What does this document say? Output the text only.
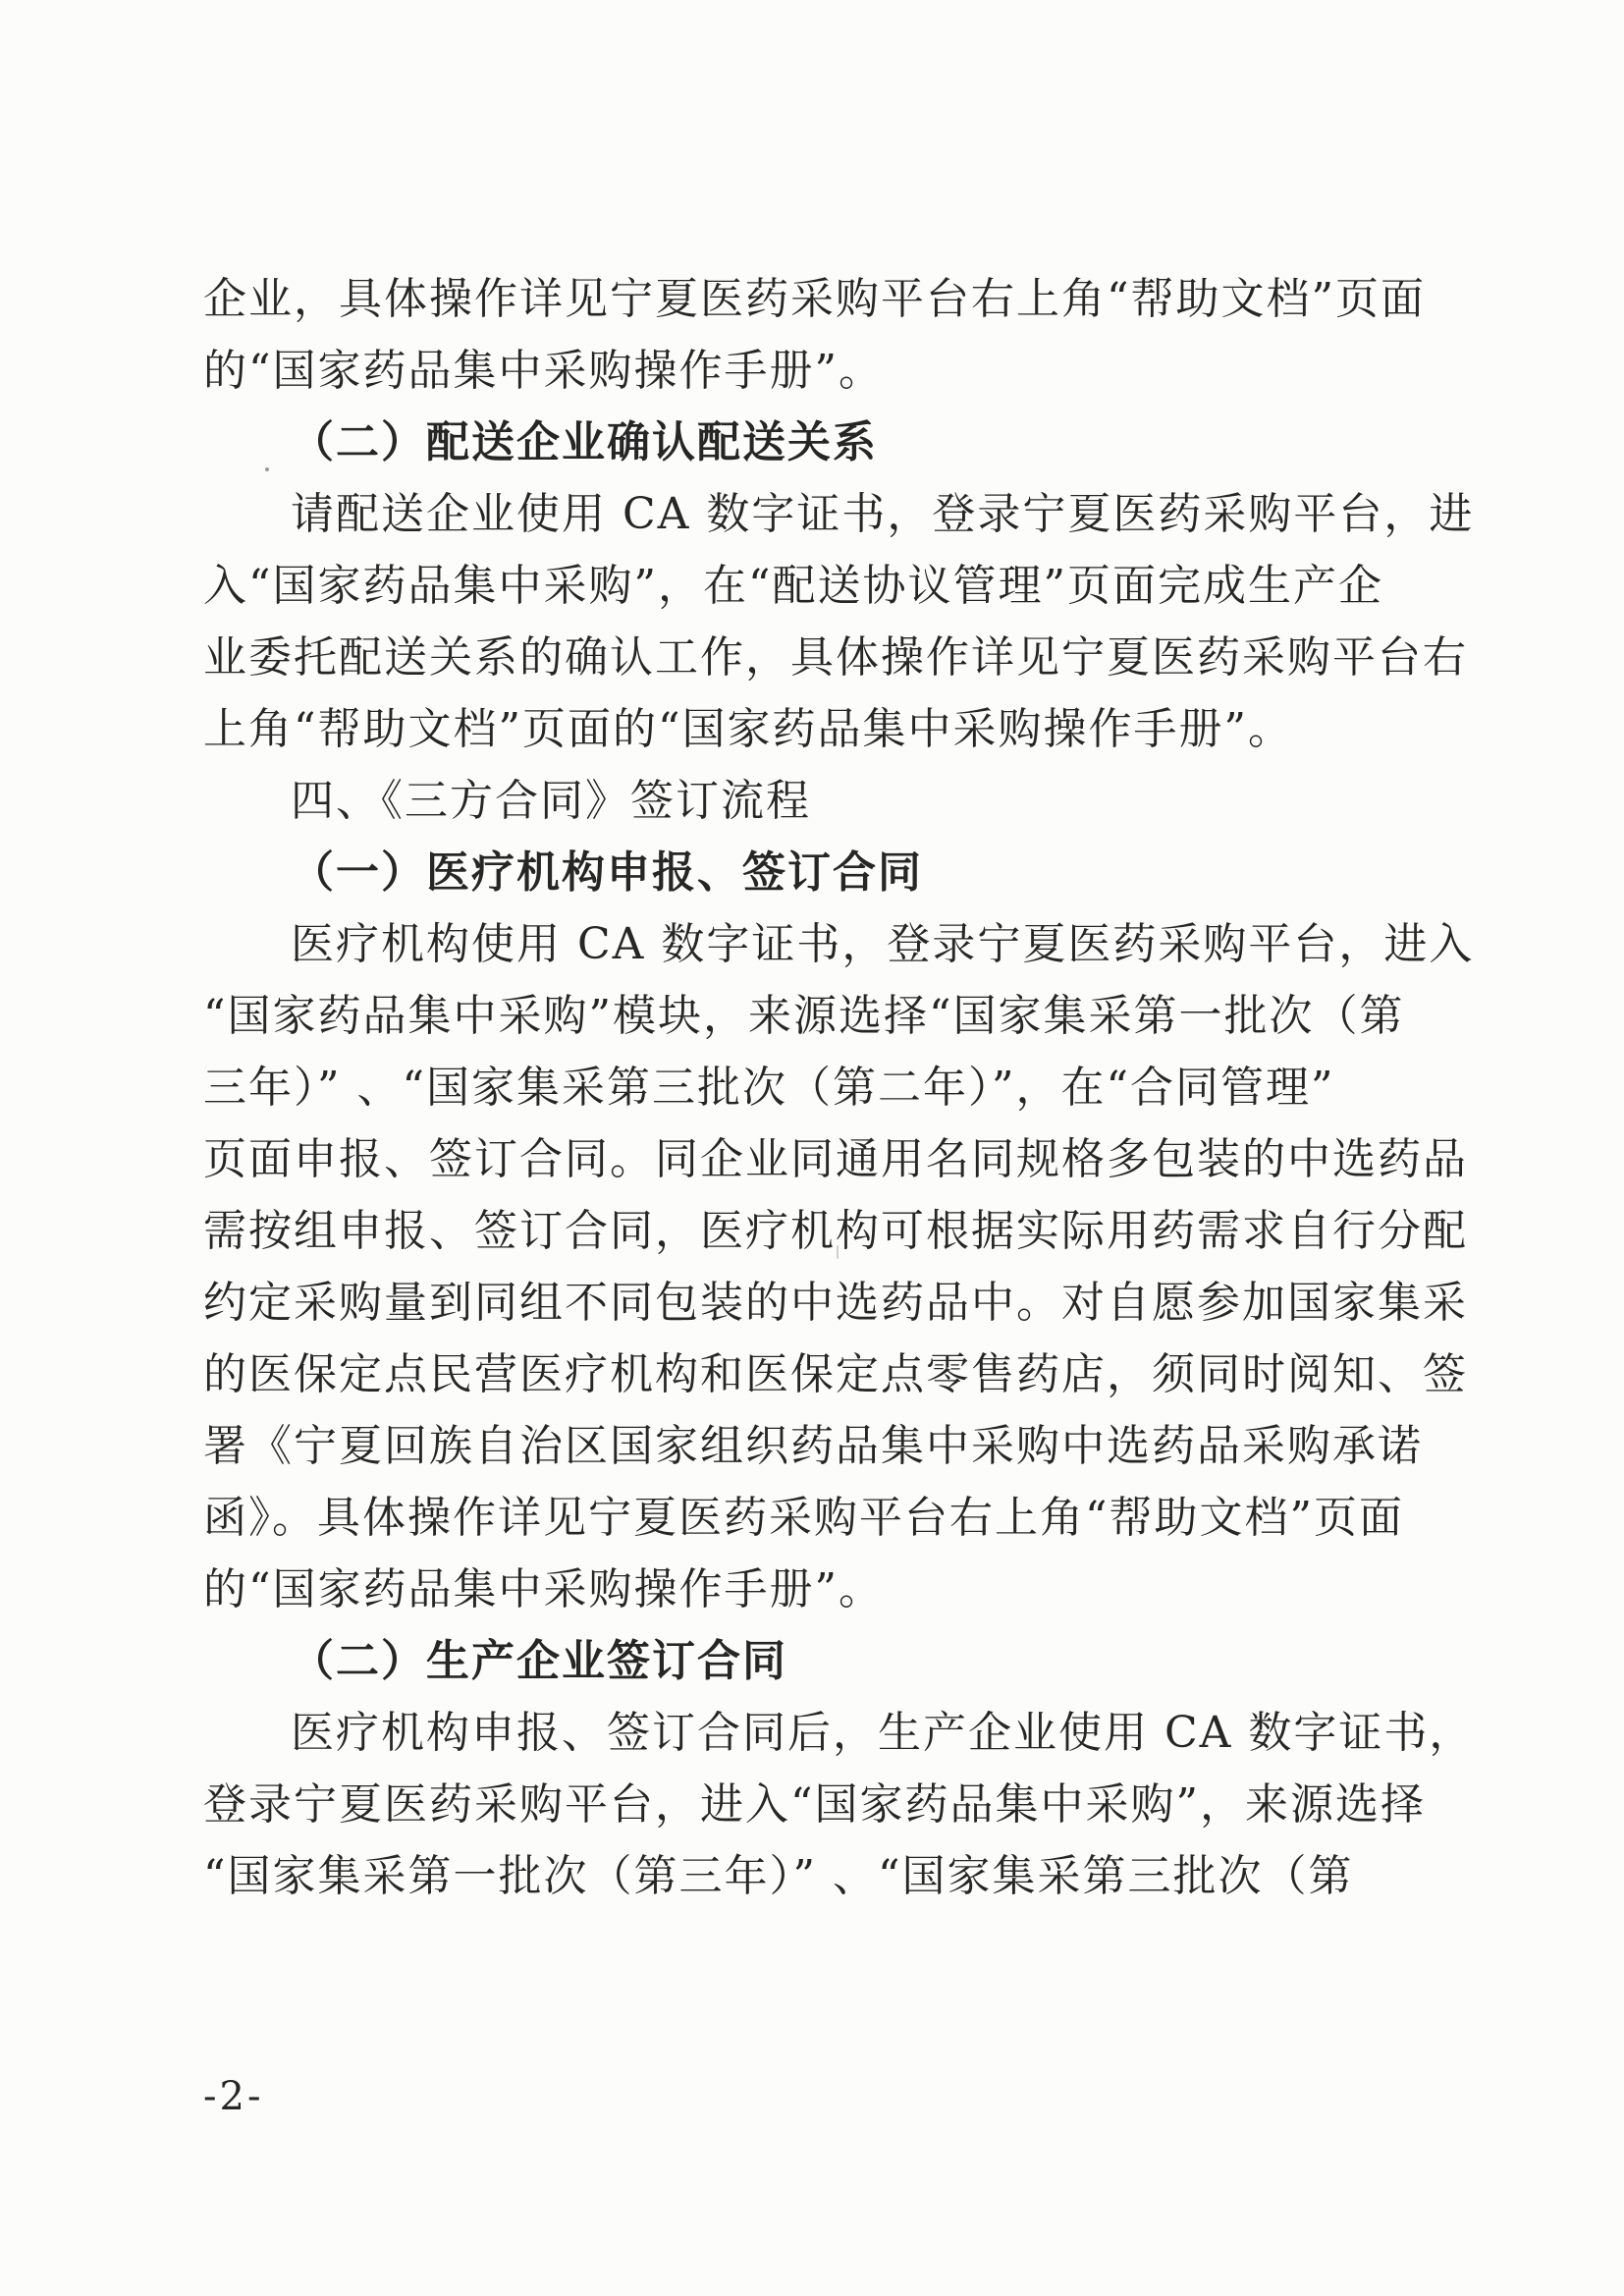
企业，具体操作详见宁夏医药采购平台右上角“帮助文档”页面
的“国家药品集中采购操作手册”。
（二）配送企业确认配送关系
请配送企业使用 CA 数字证书，登录宁夏医药采购平台，进
入“国家药品集中采购”，在“配送协议管理”页面完成生产企
业委托配送关系的确认工作，具体操作详见宁夏医药采购平台右
上角“帮助文档”页面的“国家药品集中采购操作手册”。
四、《三方合同》签订流程
（一）医疗机构申报、签订合同
医疗机构使用 CA 数字证书，登录宁夏医药采购平台，进入
“国家药品集中采购”模块，来源选择“国家集采第一批次（第
三年）” 、“国家集采第三批次（第二年）”，在“合同管理”
页面申报、签订合同。同企业同通用名同规格多包装的中选药品
需按组申报、签订合同，医疗机构可根据实际用药需求自行分配
约定采购量到同组不同包装的中选药品中。对自愿参加国家集采
的医保定点民营医疗机构和医保定点零售药店，须同时阅知、签
署《宁夏回族自治区国家组织药品集中采购中选药品采购承诺
函》。具体操作详见宁夏医药采购平台右上角“帮助文档”页面
的“国家药品集中采购操作手册”。
（二）生产企业签订合同
医疗机构申报、签订合同后，生产企业使用 CA 数字证书，
登录宁夏医药采购平台，进入“国家药品集中采购”，来源选择
“国家集采第一批次（第三年）” 、“国家集采第三批次（第
-2-
